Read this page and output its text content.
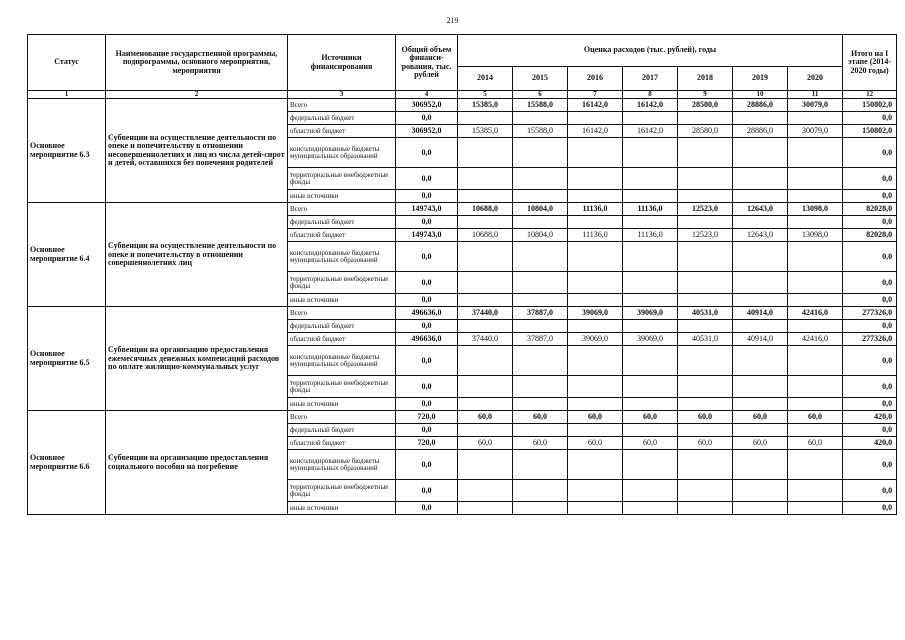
219
Статус	Наименование государственной программы, подпрограммы, основного мероприятия, мероприятия	Источники финансирования	Общий объем финанси-рования, тыс. рублей	Оценка расходов (тыс. рублей), годы							Итого на I этапе (2014-2020 годы)
				2014	2015	2016	2017	2018	2019	2020	
1	2	3	4	5	6	7	8	9	10	11	12
Основное мероприятие 6.3	Субвенции на осуществление деятельности по опеке и попечительству в отношении несовершеннолетних и лиц из числа детей-сирот и детей, оставшихся без попечения родителей	Всего	306952,0	15385,0	15588,0	16142,0	16142,0	28580,0	28886,0	30079,0	150802,0
		федеральный бюджет	0,0								0,0
		областной бюджет	306952,0	15385,0	15588,0	16142,0	16142,0	28580,0	28886,0	30079,0	150802,0
		консолидированные бюджеты муниципальных образований	0,0								0,0
		территориальные внебюджетные фонды	0,0								0,0
		иные источники	0,0								0,0
Основное мероприятие 6.4	Субвенции на осуществление деятельности по опеке и попечительству в отношении совершеннолетних лиц	Всего	149743,0	10688,0	10804,0	11136,0	11136,0	12523,0	12643,0	13098,0	82028,0
		федеральный бюджет	0,0								0,0
		областной бюджет	149743,0	10688,0	10804,0	11136,0	11136,0	12523,0	12643,0	13098,0	82028,0
		консолидированные бюджеты муниципальных образований	0,0								0,0
		территориальные внебюджетные фонды	0,0								0,0
		иные источники	0,0								0,0
Основное мероприятие 6.5	Субвенции на организацию предоставления ежемесячных денежных компенсаций расходов по оплате жилищно-коммунальных услуг	Всего	496636,0	37440,0	37887,0	39069,0	39069,0	40531,0	40914,0	42416,0	277326,0
		федеральный бюджет	0,0								0,0
		областной бюджет	496636,0	37440,0	37887,0	39069,0	39069,0	40531,0	40914,0	42416,0	277326,0
		консолидированные бюджеты муниципальных образований	0,0								0,0
		территориальные внебюджетные фонды	0,0								0,0
		иные источники	0,0								0,0
Основное мероприятие 6.6	Субвенции на организацию предоставления социального пособия на погребение	Всего	720,0	60,0	60,0	60,0	60,0	60,0	60,0	60,0	420,0
		федеральный бюджет	0,0								0,0
		областной бюджет	720,0	60,0	60,0	60,0	60,0	60,0	60,0	60,0	420,0
		консолидированные бюджеты муниципальных образований	0,0								0,0
		территориальные внебюджетные фонды	0,0								0,0
		иные источники	0,0								0,0
